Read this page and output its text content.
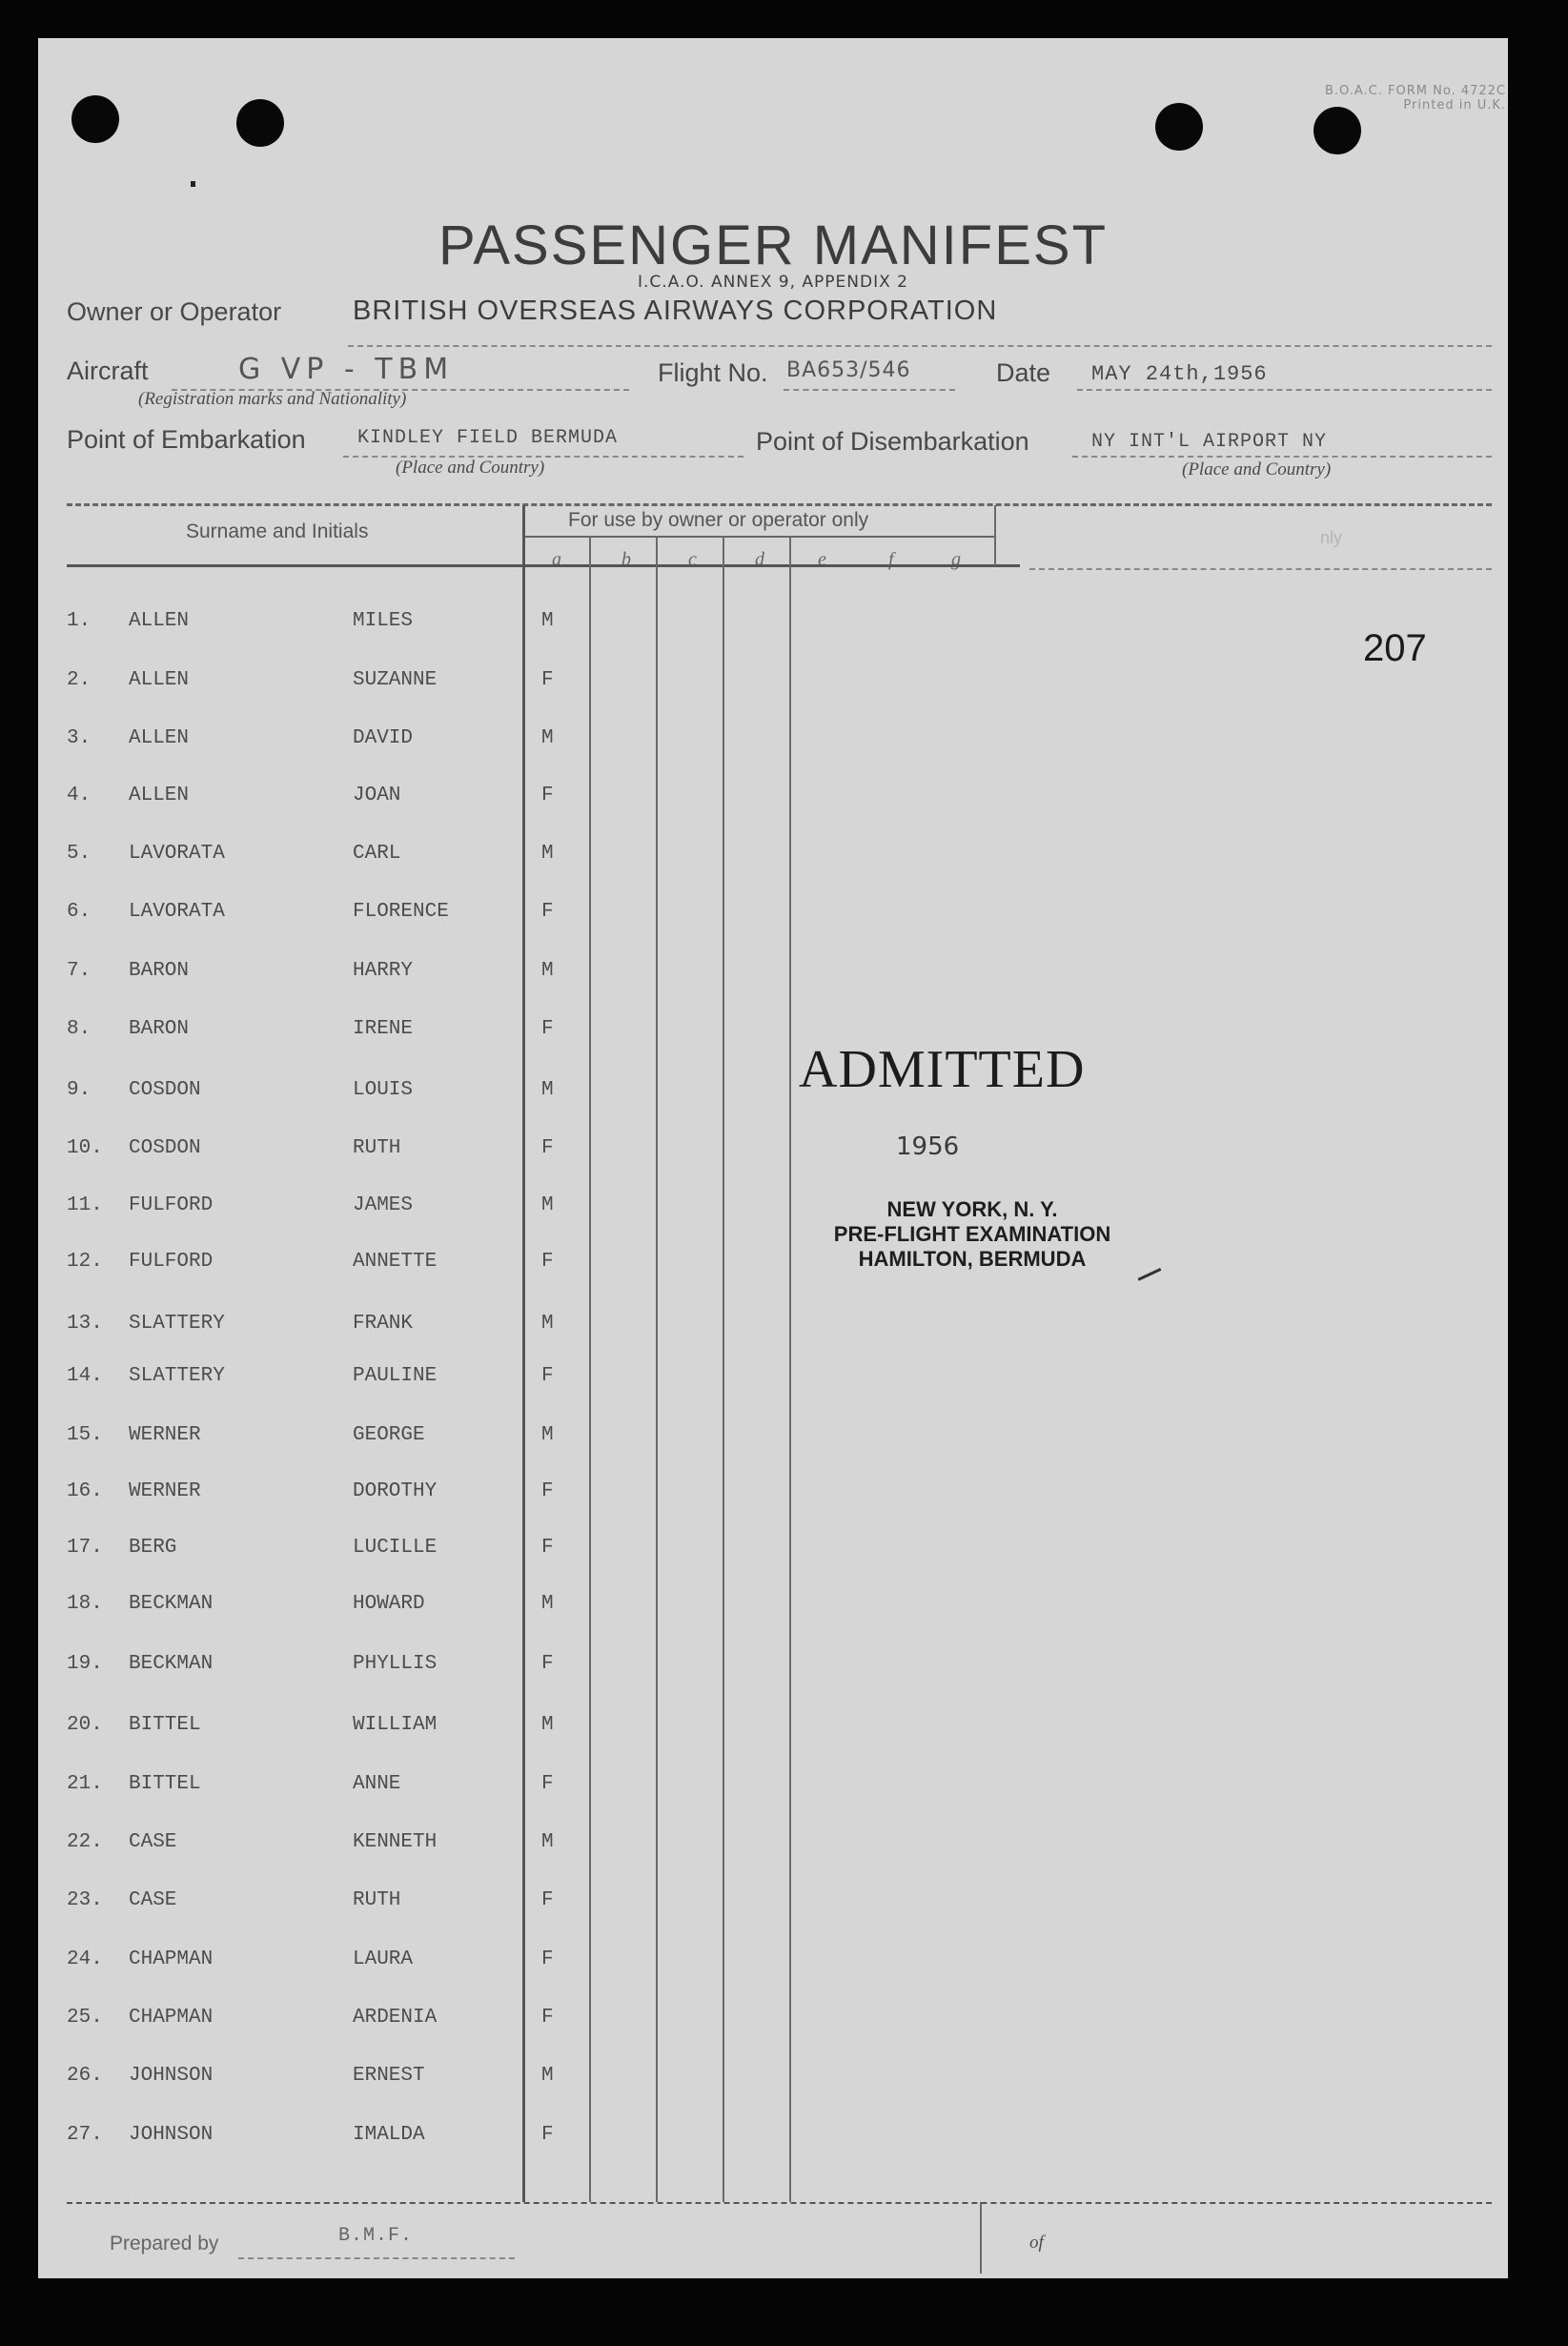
B.O.A.C. FORM No. 4722C
Printed in U.K.
PASSENGER MANIFEST
I.C.A.O. ANNEX 9, APPENDIX 2
Owner or Operator	BRITISH OVERSEAS AIRWAYS CORPORATION
Aircraft	G VP - TBM
(Registration marks and Nationality)
Flight No. BA653/546	Date MAY 24th,1956
Point of Embarkation	KINDLEY FIELD BERMUDA
(Place and Country)
Point of Disembarkation	NY INT'L AIRPORT NY
(Place and Country)
Surname and Initials
For use by owner or operator only
nly
a	b	c	d	e	f	g
1. ALLEN	MILES	M
2. ALLEN	SUZANNE	F
3. ALLEN	DAVID	M
4. ALLEN	JOAN	F
5. LAVORATA	CARL	M
6. LAVORATA	FLORENCE	F
7. BARON	HARRY	M
8. BARON	IRENE	F
9. COSDON	LOUIS	M
10. COSDON	RUTH	F
11. FULFORD	JAMES	M
12. FULFORD	ANNETTE	F
13. SLATTERY	FRANK	M
14. SLATTERY	PAULINE	F
15. WERNER	GEORGE	M
16. WERNER	DOROTHY	F
17. BERG	LUCILLE	F
18. BECKMAN	HOWARD	M
19. BECKMAN	PHYLLIS	F
20. BITTEL	WILLIAM	M
21. BITTEL	ANNE	F
22. CASE	KENNETH	M
23. CASE	RUTH	F
24. CHAPMAN	LAURA	F
25. CHAPMAN	ARDENIA	F
26. JOHNSON	ERNEST	M
27. JOHNSON	IMALDA	F
207
ADMITTED
1956
NEW YORK, N. Y.
PRE-FLIGHT EXAMINATION
HAMILTON, BERMUDA
Prepared by	B.M.F.	of
